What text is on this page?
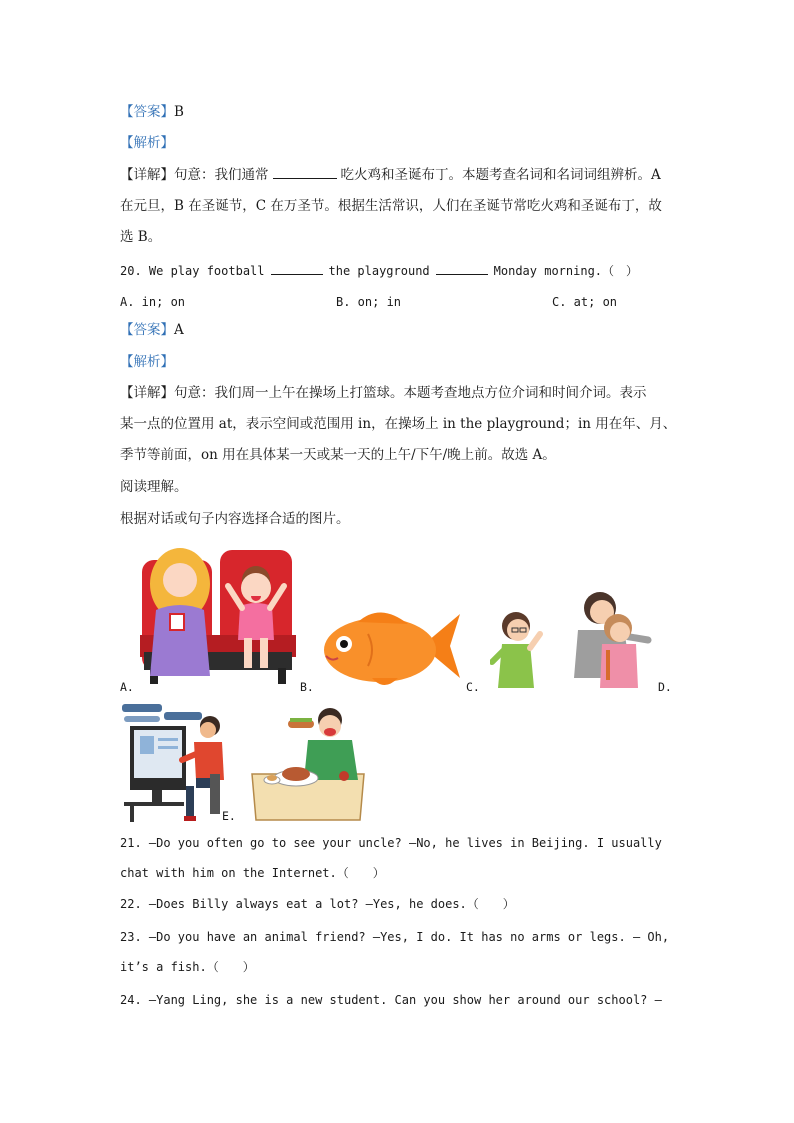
【答案】B
【解析】
【详解】句意：我们通常	吃火鸡和圣诞布丁。本题考查名词和名词词组辨析。A
在元旦，B 在圣诞节，C 在万圣节。根据生活常识，人们在圣诞节常吃火鸡和圣诞布丁，故
选 B。
20. We play football	the playground	Monday morning.（　）
A. in; on	B. on; in	C. at; on
【答案】A
【解析】
【详解】句意：我们周一上午在操场上打篮球。本题考查地点方位介词和时间介词。表示
某一点的位置用 at，表示空间或范围用 in，在操场上 in the playground；in 用在年、月、
季节等前面，on 用在具体某一天或某一天的上午/下午/晚上前。故选 A。
阅读理解。
根据对话或句子内容选择合适的图片。
A.	B.	C.	D.
E.
21. —Do you often go to see your uncle? —No, he lives in Beijing. I usually
chat with him on the Internet.（　　）
22. —Does Billy always eat a lot? —Yes, he does.（　　）
23. —Do you have an animal friend? —Yes, I do. It has no arms or legs. — Oh,
it’s a fish.（　　）
24. —Yang Ling, she is a new student. Can you show her around our school? —
